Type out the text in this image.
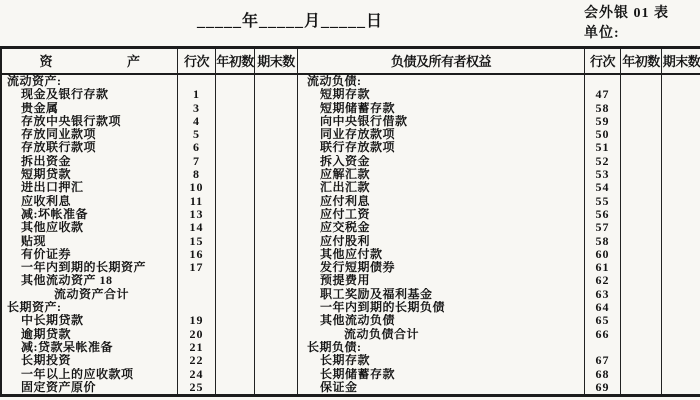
_____年_____月_____日	会外银 01 表
单位:
资　　　　　　产	行次 年初数 期末数	负债及所有者权益	行次 年初数 期末数
流动资产:	流动负债:
现金及银行存款	1	短期存款	47
贵金属	3	短期储蓄存款	58
存放中央银行款项	4	向中央银行借款	59
存放同业款项	5	同业存放款项	50
存放联行款项	6	联行存放款项	51
拆出资金	7	拆入资金	52
短期贷款	8	应解汇款	53
进出口押汇	10	汇出汇款	54
应收利息	11	应付利息	55
减:坏帐准备	13	应付工资	56
其他应收款	14	应交税金	57
贴现	15	应付股利	58
有价证券	16	其他应付款	60
一年内到期的长期资产	17	发行短期债券	61
其他流动资产 18	预提费用	62
流动资产合计	职工奖励及福利基金	63
长期资产:	一年内到期的长期负债	64
中长期贷款	19	其他流动负债	65
逾期贷款	20	流动负债合计	66
减:贷款呆帐准备	21	长期负债:
长期投资	22	长期存款	67
一年以上的应收款项	24	长期储蓄存款	68
固定资产原价	25	保证金	69
